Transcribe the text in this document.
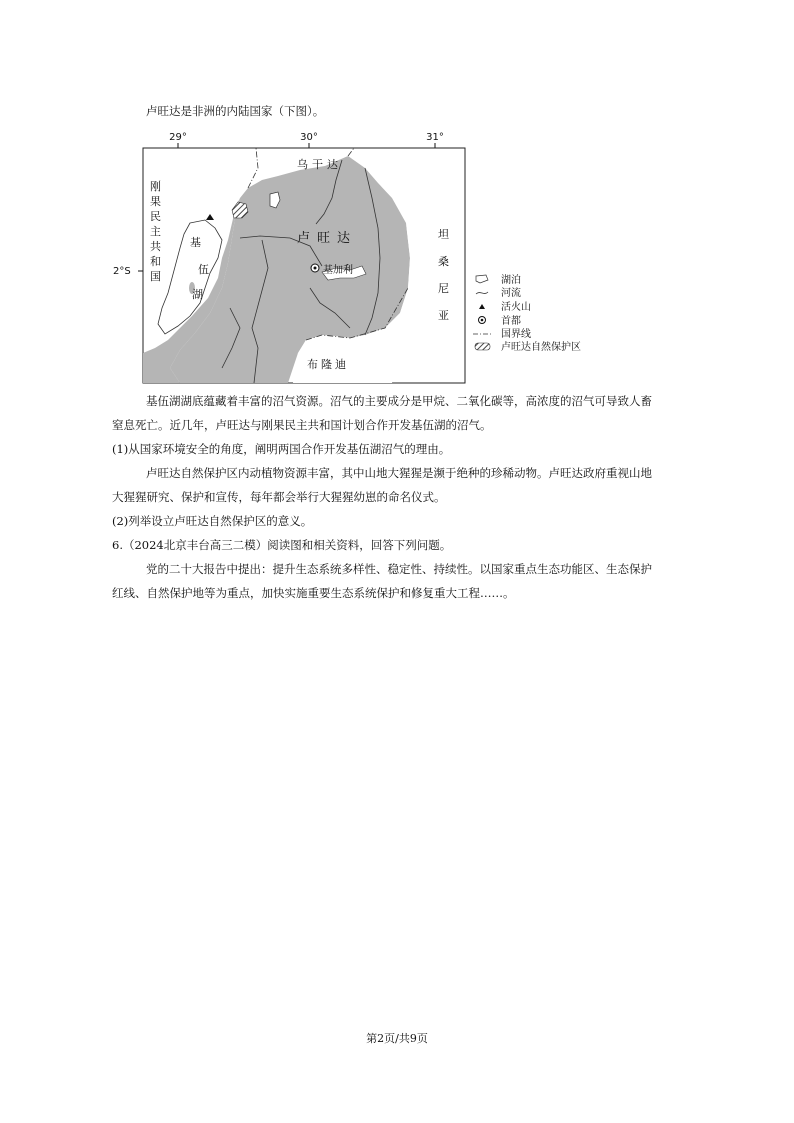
卢旺达是非洲的内陆国家（下图）。
29°	30°	31°
2°S
乌干达
卢旺达
基加利
布隆迪
刚
果
民
主
共
和
国
基
伍
湖
坦
桑
尼
亚
湖泊
河流
活火山
首都
国界线
卢旺达自然保护区
基伍湖湖底蕴藏着丰富的沼气资源。沼气的主要成分是甲烷、二氧化碳等，高浓度的沼气可导致人畜
窒息死亡。近几年，卢旺达与刚果民主共和国计划合作开发基伍湖的沼气。
(1)从国家环境安全的角度，阐明两国合作开发基伍湖沼气的理由。
卢旺达自然保护区内动植物资源丰富，其中山地大猩猩是濒于绝种的珍稀动物。卢旺达政府重视山地
大猩猩研究、保护和宣传，每年都会举行大猩猩幼崽的命名仪式。
(2)列举设立卢旺达自然保护区的意义。
6.（2024北京丰台高三二模）阅读图和相关资料，回答下列问题。
党的二十大报告中提出：提升生态系统多样性、稳定性、持续性。以国家重点生态功能区、生态保护
红线、自然保护地等为重点，加快实施重要生态系统保护和修复重大工程……。
第2页/共9页
